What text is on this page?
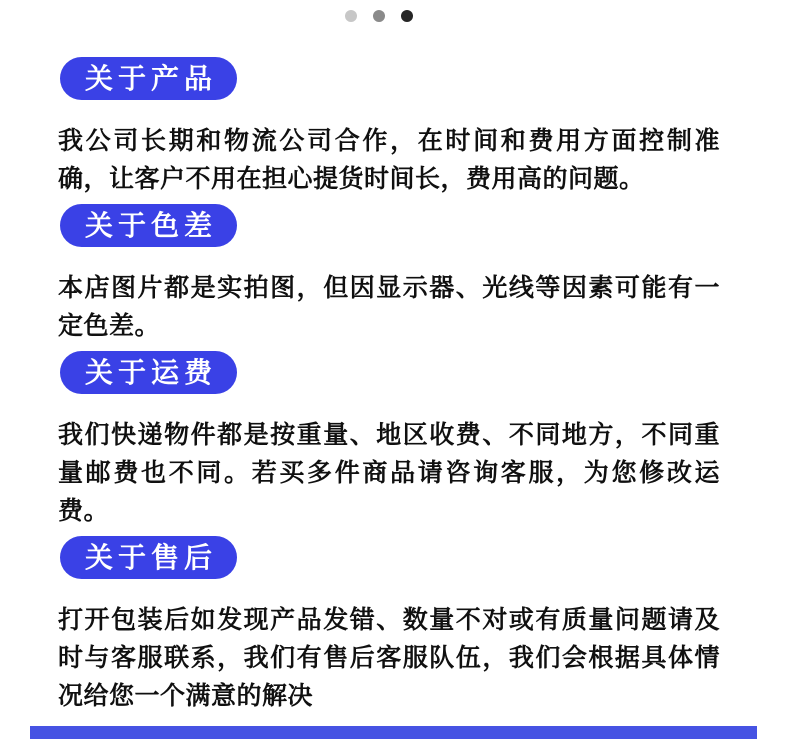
关于产品

我公司长期和物流公司合作，在时间和费用方面控制准确，让客户不用在担心提货时间长，费用高的问题。

关于色差

本店图片都是实拍图，但因显示器、光线等因素可能有一定色差。

关于运费

我们快递物件都是按重量、地区收费、不同地方，不同重量邮费也不同。若买多件商品请咨询客服，为您修改运费。

关于售后

打开包装后如发现产品发错、数量不对或有质量问题请及时与客服联系，我们有售后客服队伍，我们会根据具体情况给您一个满意的解决
